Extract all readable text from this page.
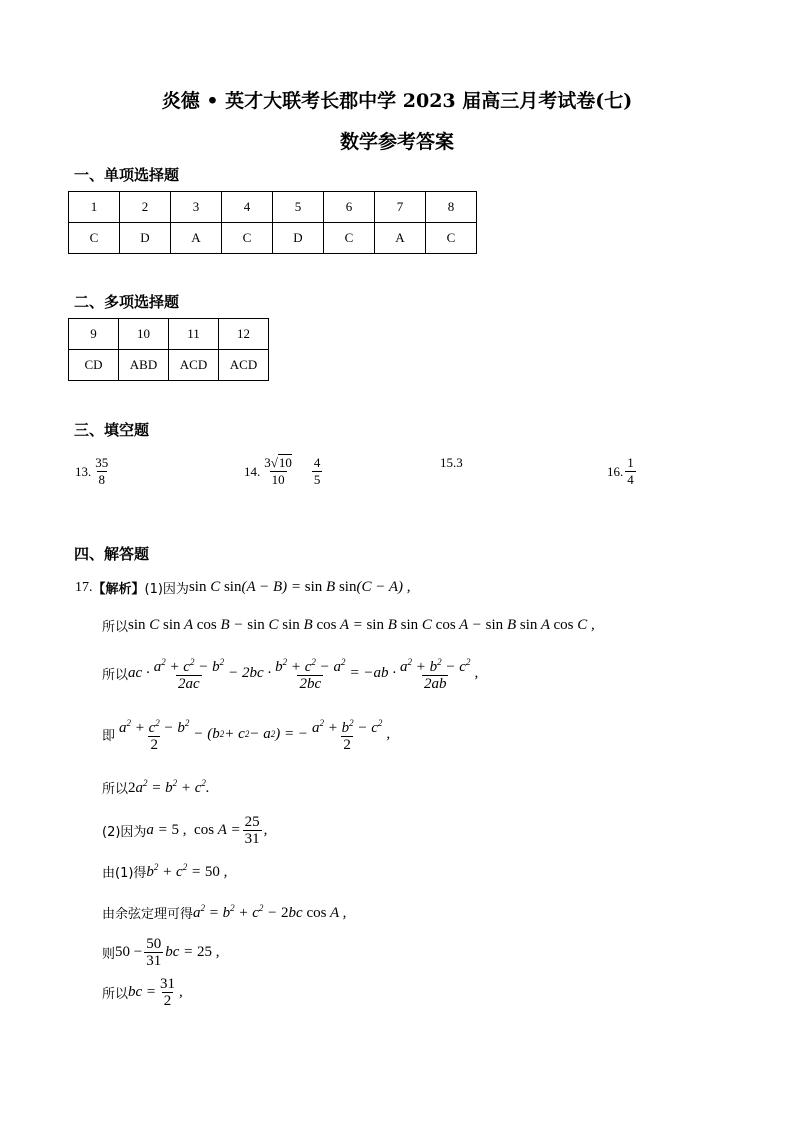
炎德 • 英才大联考长郡中学 2023 届高三月考试卷(七)
数学参考答案
一、单项选择题
1	2	3	4	5	6	7	8
C	D	A	C	D	C	A	C
二、多项选择题
9	10	11	12
CD	ABD	ACD	ACD
三、填空题
13. $\frac{35}{8}$	14. $\frac{3√10}{10} \frac{4}{5}$	15. 3
16. $\frac{1}{4}$
四、解答题
17. 【解析】 (1)因为 sin C sin(A − B) = sin B sin(C − A) ,
所以 sin C sin A cos B − sin C sin B cos A = sin B sin C cos A − sin B sin A cos C ,
所以 ac · $\frac{a^2 + c^2 - b^2}{2ac} - 2bc \cdot \frac{b^2 + c^2 - a^2}{2bc} = -ab \cdot \frac{a^2 + b^2 - c^2}{2ab}$ ,
即 $\frac{a^2 + c^2 - b^2}{2} - (b$ 2 + c 2 − a 2 ) = − $\frac{a^2 + b^2 - c^2}{2}$ ,
所以 $2a^2 = b^2 + c^2$.
(2)因为 a = 5 ,  $\cos A = \frac{25}{31}$ ,
由(1)得 $b^2 + c^2 = 50$ ,
由余弦定理可得 $a^2 = b^2 + c^2 - 2bc$ cos A ,
则 $50 - \frac{50}{31}$ bc = 25 ,
所以 bc = $\frac{31}{2}$ ,
